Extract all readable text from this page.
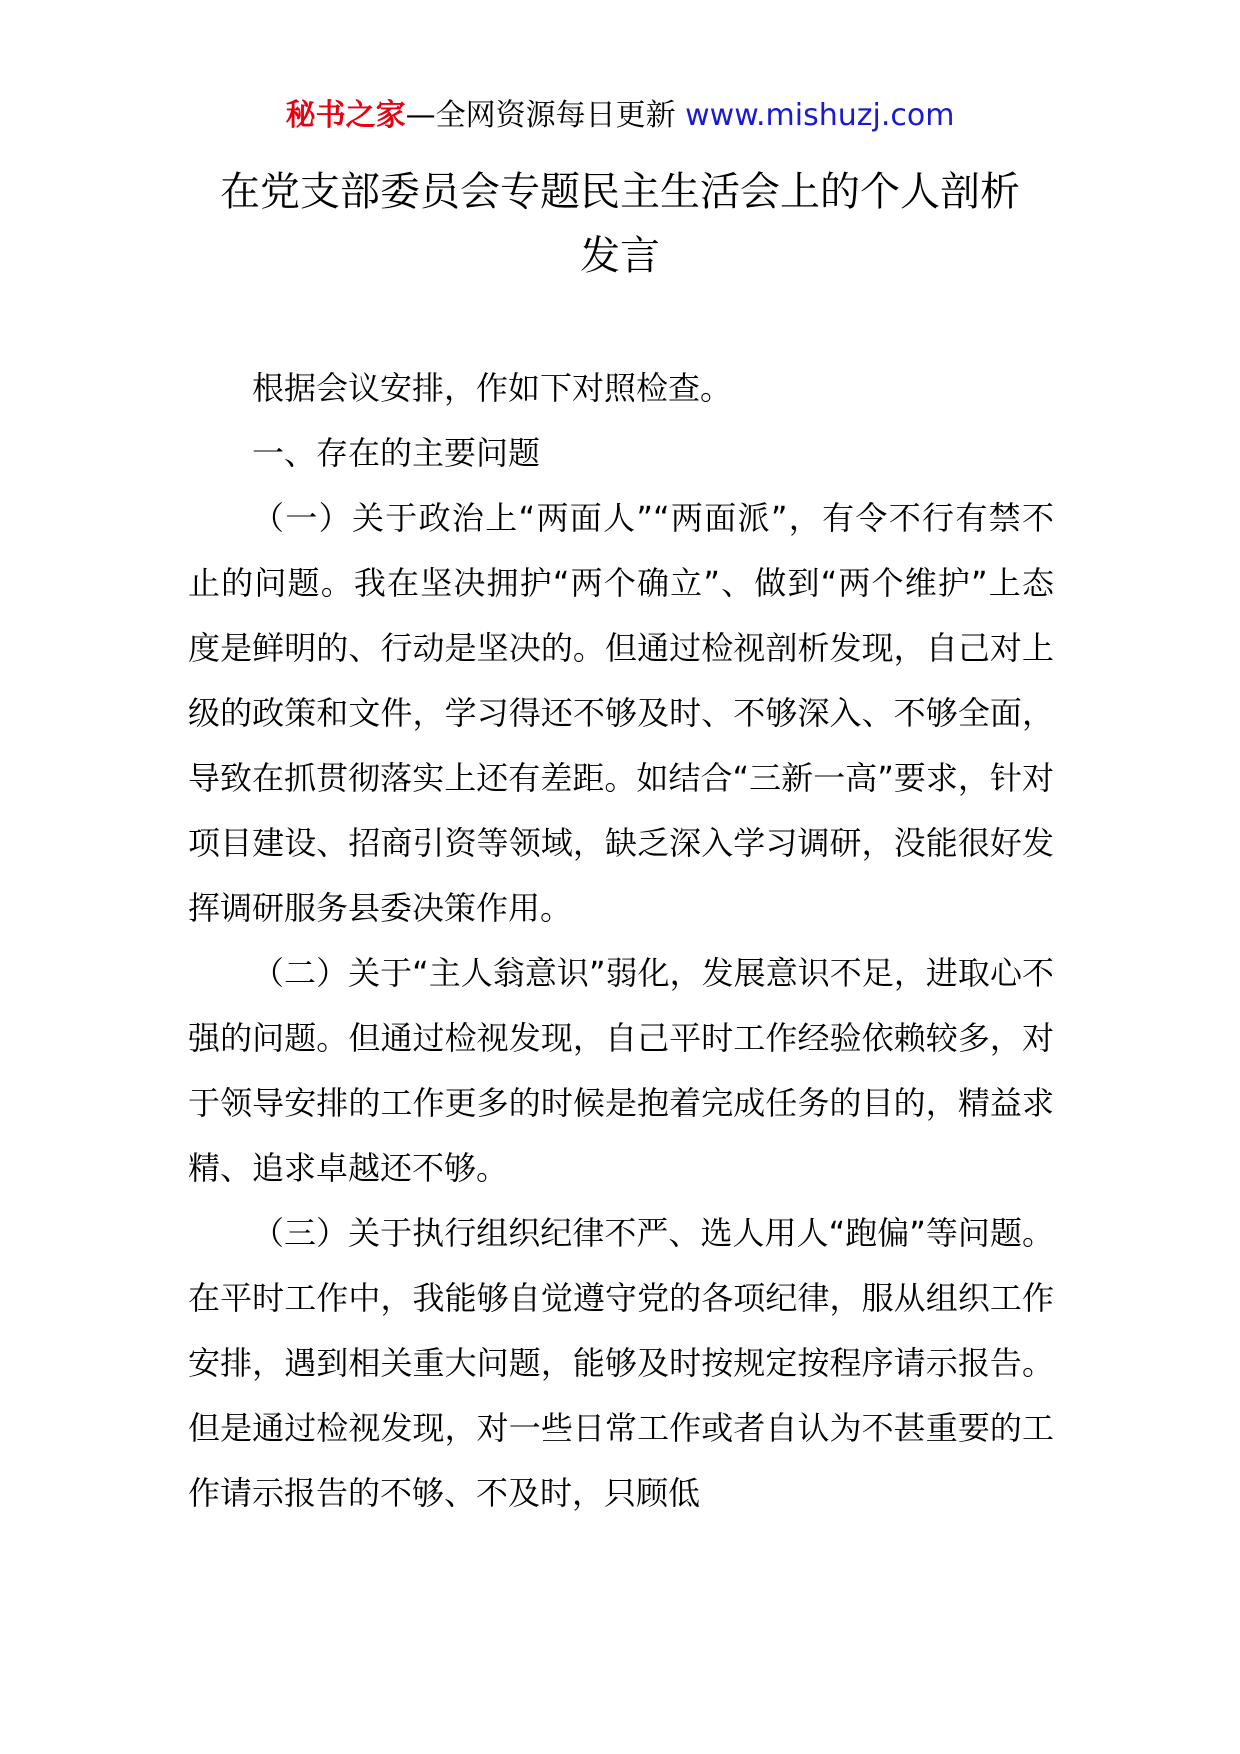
秘书之家—全网资源每日更新 www.mishuzj.com
在党支部委员会专题民主生活会上的个人剖析
发言

根据会议安排，作如下对照检查。

一、存在的主要问题

（一）关于政治上“两面人”“两面派”，有令不行有禁不止的问题。我在坚决拥护“两个确立”、做到“两个维护”上态度是鲜明的、行动是坚决的。但通过检视剖析发现，自己对上级的政策和文件，学习得还不够及时、不够深入、不够全面，导致在抓贯彻落实上还有差距。如结合“三新一高”要求，针对项目建设、招商引资等领域，缺乏深入学习调研，没能很好发挥调研服务县委决策作用。

（二）关于“主人翁意识”弱化，发展意识不足，进取心不强的问题。但通过检视发现，自己平时工作经验依赖较多，对于领导安排的工作更多的时候是抱着完成任务的目的，精益求精、追求卓越还不够。

（三）关于执行组织纪律不严、选人用人“跑偏”等问题。在平时工作中，我能够自觉遵守党的各项纪律，服从组织工作安排，遇到相关重大问题，能够及时按规定按程序请示报告。但是通过检视发现，对一些日常工作或者自认为不甚重要的工作请示报告的不够、不及时，只顾低
